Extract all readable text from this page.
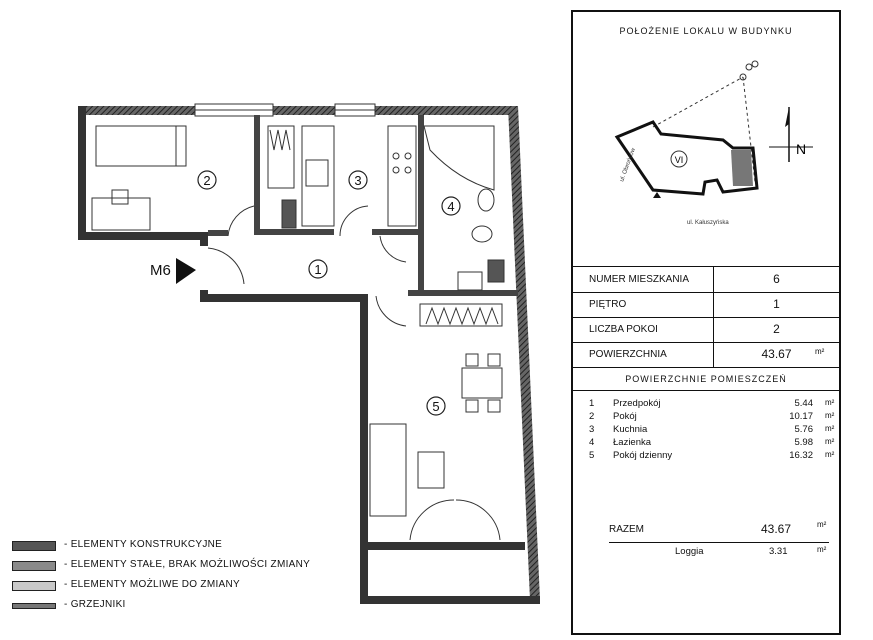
2	3
4
1
5
M6
- ELEMENTY KONSTRUKCYJNE
- ELEMENTY STAŁE, BRAK MOŻLIWOŚCI ZMIANY
- ELEMENTY MOŻLIWE DO ZMIANY
- GRZEJNIKI
POŁOŻENIE LOKALU W BUDYNKU
VI
ul. Obrońców
ul. Kałuszyńska
N
NUMER MIESZKANIA	6
PIĘTRO	1
LICZBA POKOI	2
POWIERZCHNIA	43.67	m²
POWIERZCHNIE POMIESZCZEŃ
1 Przedpokój	5.44 m²
2 Pokój	10.17 m²
3 Kuchnia	5.76 m²
4 Łazienka	5.98 m²
5 Pokój dzienny	16.32 m²
RAZEM	43.67	m²
Loggia	3.31	m²
